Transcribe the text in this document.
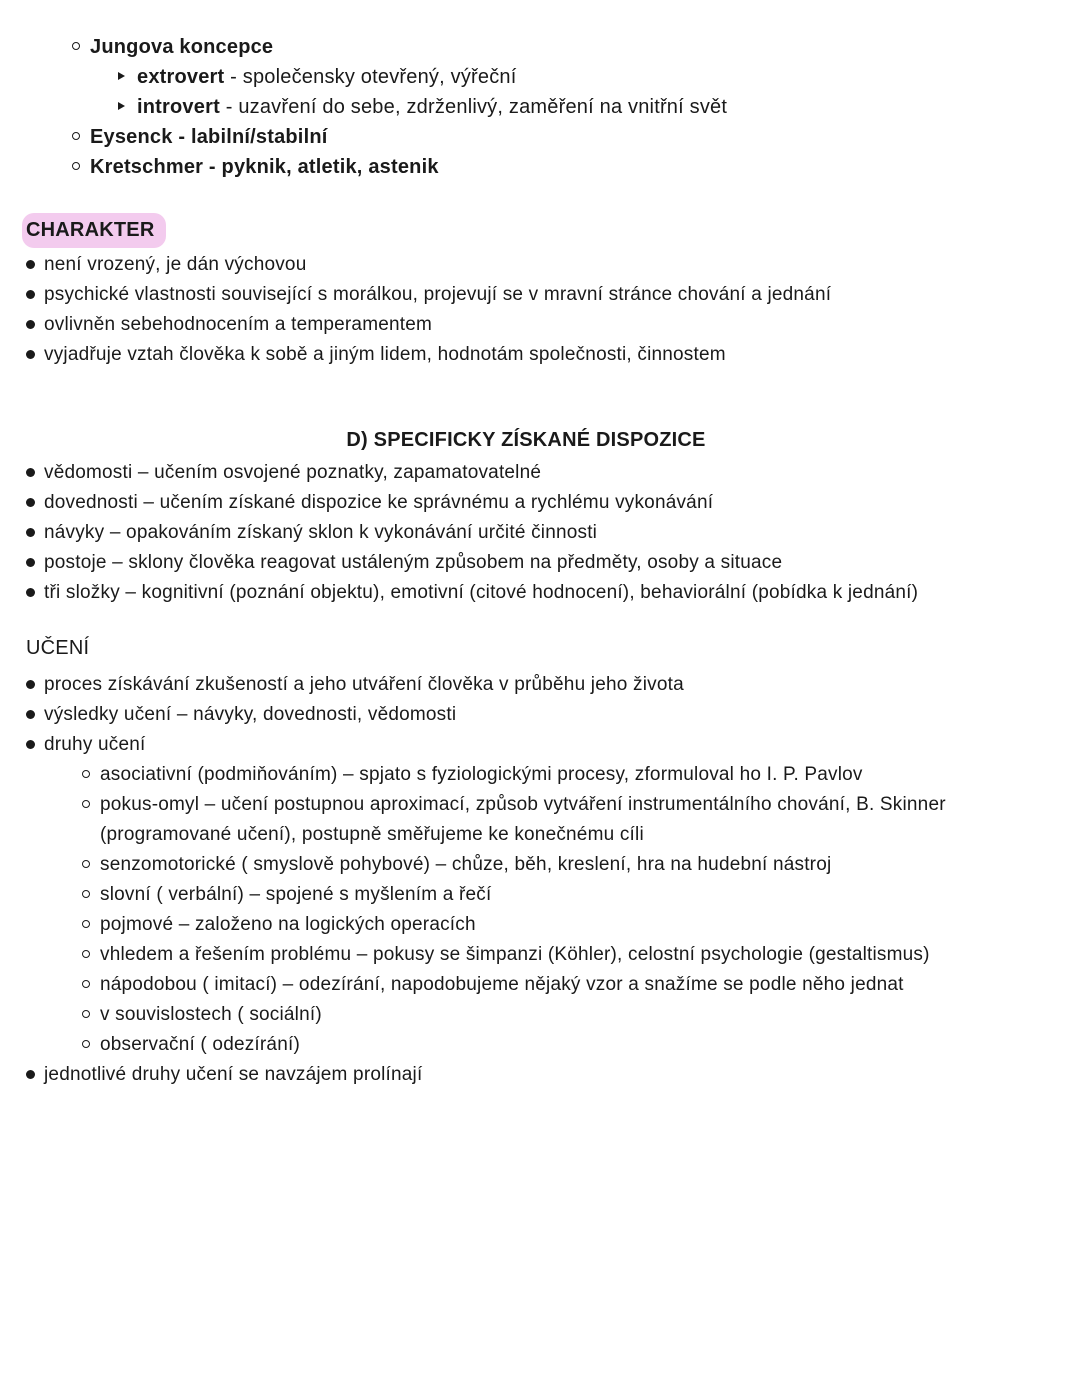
Jungova koncepce
extrovert - společensky otevřený, výřeční
introvert - uzavření do sebe, zdrženlivý, zaměření na vnitřní svět
Eysenck - labilní/stabilní
Kretschmer - pyknik, atletik, astenik
CHARAKTER
není vrozený, je dán výchovou
psychické vlastnosti související s morálkou, projevují se v mravní stránce chování a jednání
ovlivněn sebehodnocením a temperamentem
vyjadřuje vztah člověka k sobě a jiným lidem, hodnotám společnosti, činnostem
D) SPECIFICKY ZÍSKANÉ DISPOZICE
vědomosti – učením osvojené poznatky, zapamatovatelné
dovednosti – učením získané dispozice ke správnému a rychlému vykonávání
návyky – opakováním získaný sklon k vykonávání určité činnosti
postoje – sklony člověka reagovat ustáleným způsobem na předměty, osoby a situace
tři složky – kognitivní (poznání objektu), emotivní (citové hodnocení), behaviorální (pobídka k jednání)
UČENÍ
proces získávání zkušeností a jeho utváření člověka v průběhu jeho života
výsledky učení – návyky, dovednosti, vědomosti
druhy učení
asociativní (podmiňováním) – spjato s fyziologickými procesy, zformuloval ho I. P. Pavlov
pokus-omyl – učení postupnou aproximací, způsob vytváření instrumentálního chování, B. Skinner
(programované učení), postupně směřujeme ke konečnému cíli
senzomotorické ( smyslově pohybové) – chůze, běh, kreslení, hra na hudební nástroj
slovní ( verbální) – spojené s myšlením a řečí
pojmové – založeno na logických operacích
vhledem a řešením problému – pokusy se šimpanzi (Köhler), celostní psychologie (gestaltismus)
nápodobou ( imitací) – odezírání, napodobujeme nějaký vzor a snažíme se podle něho jednat
v souvislostech ( sociální)
observační ( odezírání)
jednotlivé druhy učení se navzájem prolínají
